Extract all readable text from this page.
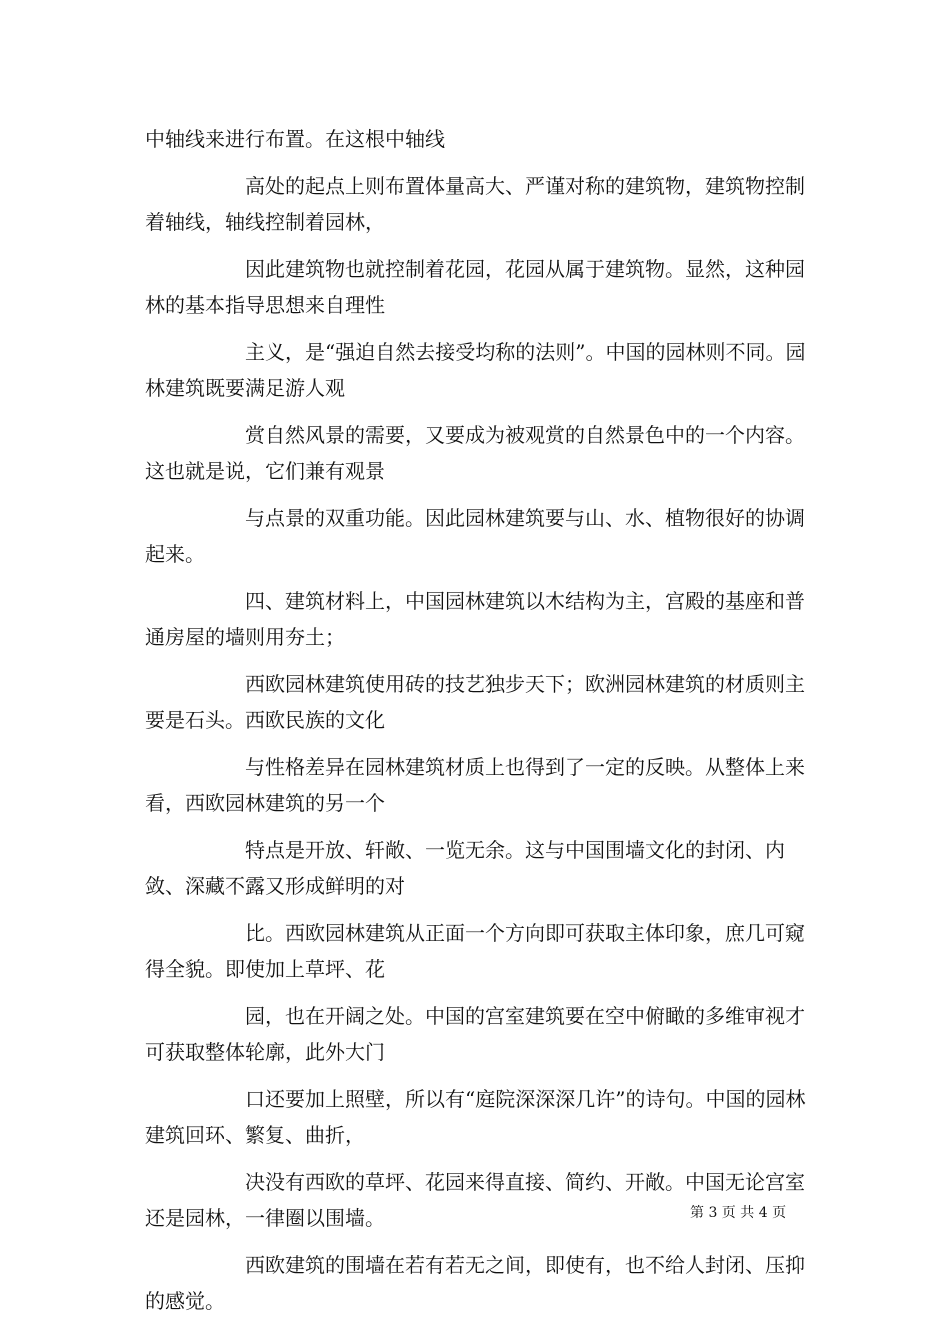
中轴线来进行布置。在这根中轴线

高处的起点上则布置体量高大、严谨对称的建筑物，建筑物控制着轴线，轴线控制着园林，

因此建筑物也就控制着花园，花园从属于建筑物。显然，这种园林的基本指导思想来自理性

主义，是“强迫自然去接受均称的法则”。中国的园林则不同。园林建筑既要满足游人观

赏自然风景的需要，又要成为被观赏的自然景色中的一个内容。这也就是说，它们兼有观景

与点景的双重功能。因此园林建筑要与山、水、植物很好的协调起来。

四、建筑材料上，中国园林建筑以木结构为主，宫殿的基座和普通房屋的墙则用夯土；

西欧园林建筑使用砖的技艺独步天下；欧洲园林建筑的材质则主要是石头。西欧民族的文化

与性格差异在园林建筑材质上也得到了一定的反映。从整体上来看，西欧园林建筑的另一个

特点是开放、轩敞、一览无余。这与中国围墙文化的封闭、内敛、深藏不露又形成鲜明的对

比。西欧园林建筑从正面一个方向即可获取主体印象，庶几可窥得全貌。即使加上草坪、花

园，也在开阔之处。中国的宫室建筑要在空中俯瞰的多维审视才可获取整体轮廓，此外大门

口还要加上照壁，所以有“庭院深深深几许”的诗句。中国的园林建筑回环、繁复、曲折，

决没有西欧的草坪、花园来得直接、简约、开敞。中国无论宫室还是园林，一律圈以围墙。

西欧建筑的围墙在若有若无之间，即使有，也不给人封闭、压抑的感觉。

第 3 页 共 4 页
